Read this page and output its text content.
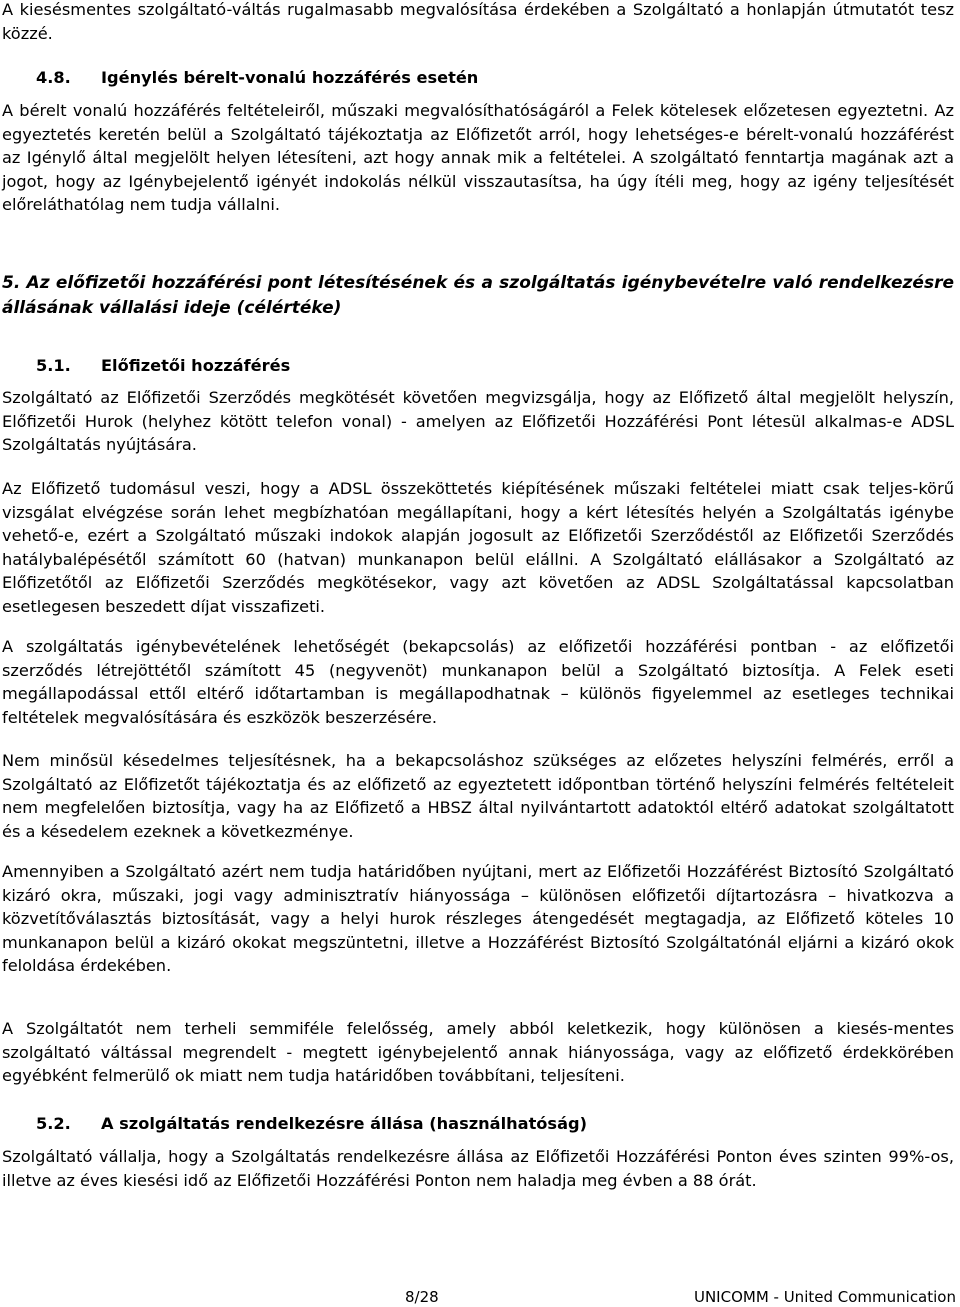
A kiesésmentes szolgáltató-váltás rugalmasabb megvalósítása érdekében a Szolgáltató a honlapján útmutatót tesz közzé.

4.8. Igénylés bérelt-vonalú hozzáférés esetén

A bérelt vonalú hozzáférés feltételeiről, műszaki megvalósíthatóságáról a Felek kötelesek előzetesen egyeztetni. Az egyeztetés keretén belül a Szolgáltató tájékoztatja az Előfizetőt arról, hogy lehetséges-e bérelt-vonalú hozzáférést az Igénylő által megjelölt helyen létesíteni, azt hogy annak mik a feltételei. A szolgáltató fenntartja magának azt a jogot, hogy az Igénybejelentő igényét indokolás nélkül visszautasítsa, ha úgy ítéli meg, hogy az igény teljesítését előreláthatólag nem tudja vállalni.

5. Az előfizetői hozzáférési pont létesítésének és a szolgáltatás igénybevételre való rendelkezésre állásának vállalási ideje (célértéke)
5.1. Előfizetői hozzáférés

Szolgáltató az Előfizetői Szerződés megkötését követően megvizsgálja, hogy az Előfizető által megjelölt helyszín, Előfizetői Hurok (helyhez kötött telefon vonal) - amelyen az Előfizetői Hozzáférési Pont létesül alkalmas-e ADSL Szolgáltatás nyújtására.

Az Előfizető tudomásul veszi, hogy a ADSL összeköttetés kiépítésének műszaki feltételei miatt csak teljes-körű vizsgálat elvégzése során lehet megbízhatóan megállapítani, hogy a kért létesítés helyén a Szolgáltatás igénybe vehető-e, ezért a Szolgáltató műszaki indokok alapján jogosult az Előfizetői Szerződéstől az Előfizetői Szerződés hatálybalépésétől számított 60 (hatvan) munkanapon belül elállni. A Szolgáltató elállásakor a Szolgáltató az Előfizetőtől az Előfizetői Szerződés megkötésekor, vagy azt követően az ADSL Szolgáltatással kapcsolatban esetlegesen beszedett díjat visszafizeti.

A szolgáltatás igénybevételének lehetőségét (bekapcsolás) az előfizetői hozzáférési pontban - az előfizetői szerződés létrejöttétől számított 45 (negyvenöt) munkanapon belül a Szolgáltató biztosítja. A Felek eseti megállapodással ettől eltérő időtartamban is megállapodhatnak – különös figyelemmel az esetleges technikai feltételek megvalósítására és eszközök beszerzésére.

Nem minősül késedelmes teljesítésnek, ha a bekapcsoláshoz szükséges az előzetes helyszíni felmérés, erről a Szolgáltató az Előfizetőt tájékoztatja és az előfizető az egyeztetett időpontban történő helyszíni felmérés feltételeit nem megfelelően biztosítja, vagy ha az Előfizető a HBSZ által nyilvántartott adatoktól eltérő adatokat szolgáltatott és a késedelem ezeknek a következménye.

Amennyiben a Szolgáltató azért nem tudja határidőben nyújtani, mert az Előfizetői Hozzáférést Biztosító Szolgáltató kizáró okra, műszaki, jogi vagy adminisztratív hiányossága – különösen előfizetői díjtartozásra – hivatkozva a közvetítőválasztás biztosítását, vagy a helyi hurok részleges átengedését megtagadja, az Előfizető köteles 10 munkanapon belül a kizáró okokat megszüntetni, illetve a Hozzáférést Biztosító Szolgáltatónál eljárni a kizáró okok feloldása érdekében.

A Szolgáltatót nem terheli semmiféle felelősség, amely abból keletkezik, hogy különösen a kiesés-mentes szolgáltató váltással megrendelt - megtett igénybejelentő annak hiányossága, vagy az előfizető érdekkörében egyébként felmerülő ok miatt nem tudja határidőben továbbítani, teljesíteni.

5.2. A szolgáltatás rendelkezésre állása (használhatóság)

Szolgáltató vállalja, hogy a Szolgáltatás rendelkezésre állása az Előfizetői Hozzáférési Ponton éves szinten 99%-os, illetve az éves kiesési idő az Előfizetői Hozzáférési Ponton nem haladja meg évben a 88 órát.

8/28	UNICOMM - United Communication
